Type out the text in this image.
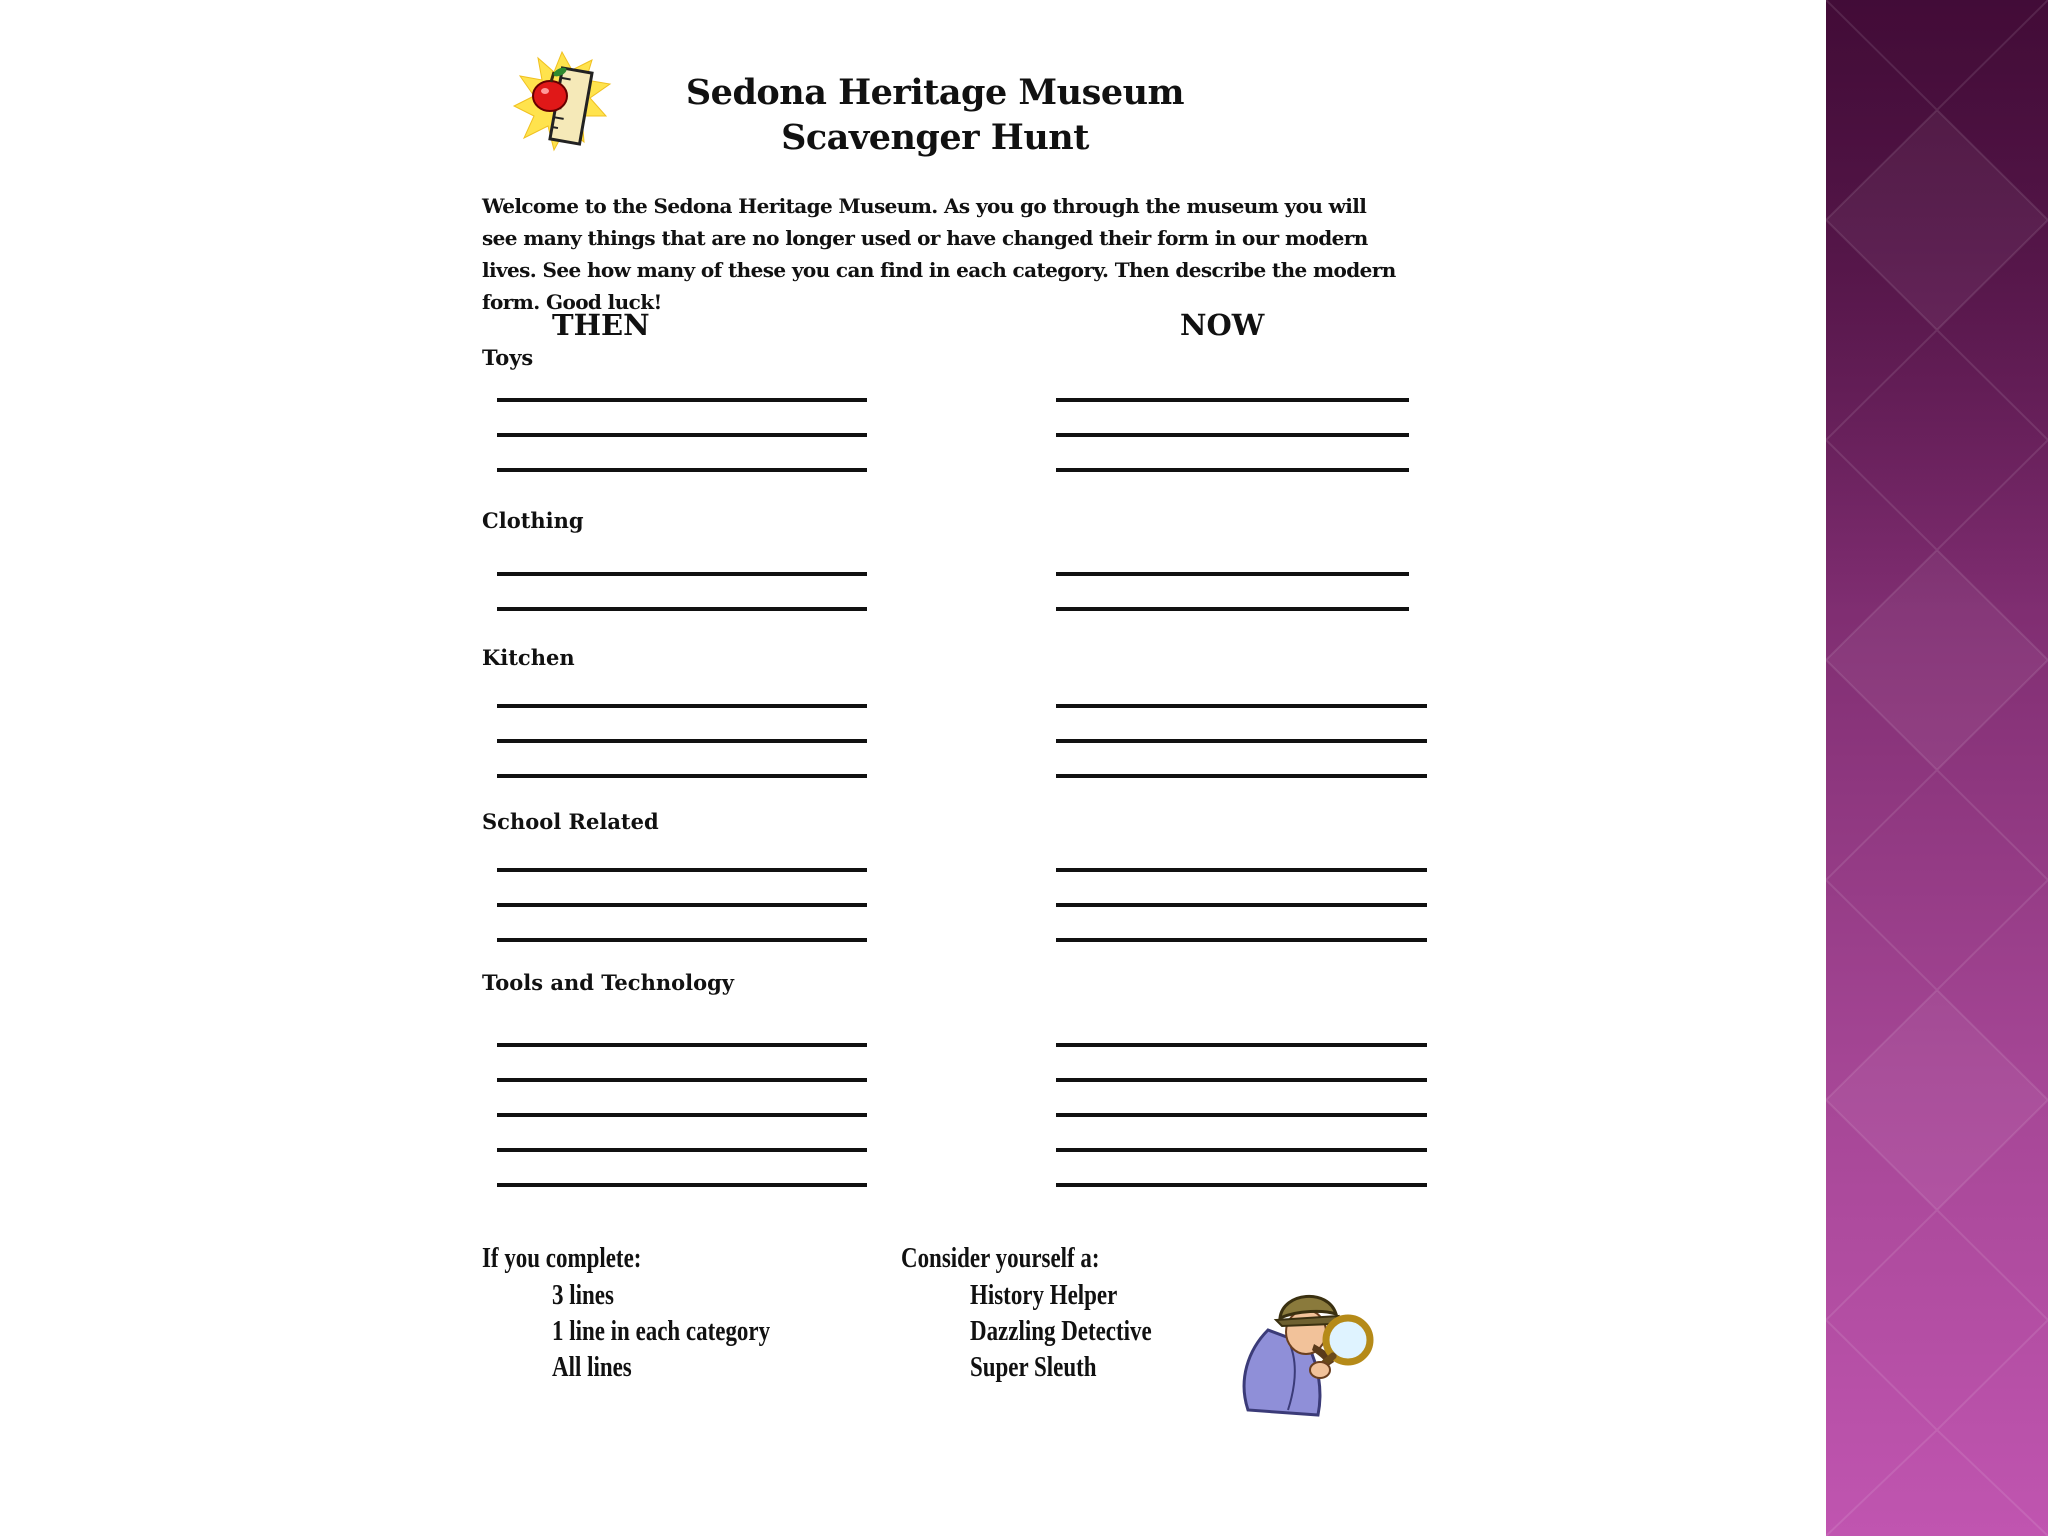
Sedona Heritage Museum
Scavenger Hunt
Welcome to the Sedona Heritage Museum. As you go through the museum you will see many things that are no longer used or have changed their form in our modern lives. See how many of these you can find in each category. Then describe the modern form. Good luck!
THEN	NOW
Toys
Clothing
Kitchen
School Related
Tools and Technology
If you complete:
3 lines
1 line in each category
All lines
Consider yourself a:
History Helper
Dazzling Detective
Super Sleuth
